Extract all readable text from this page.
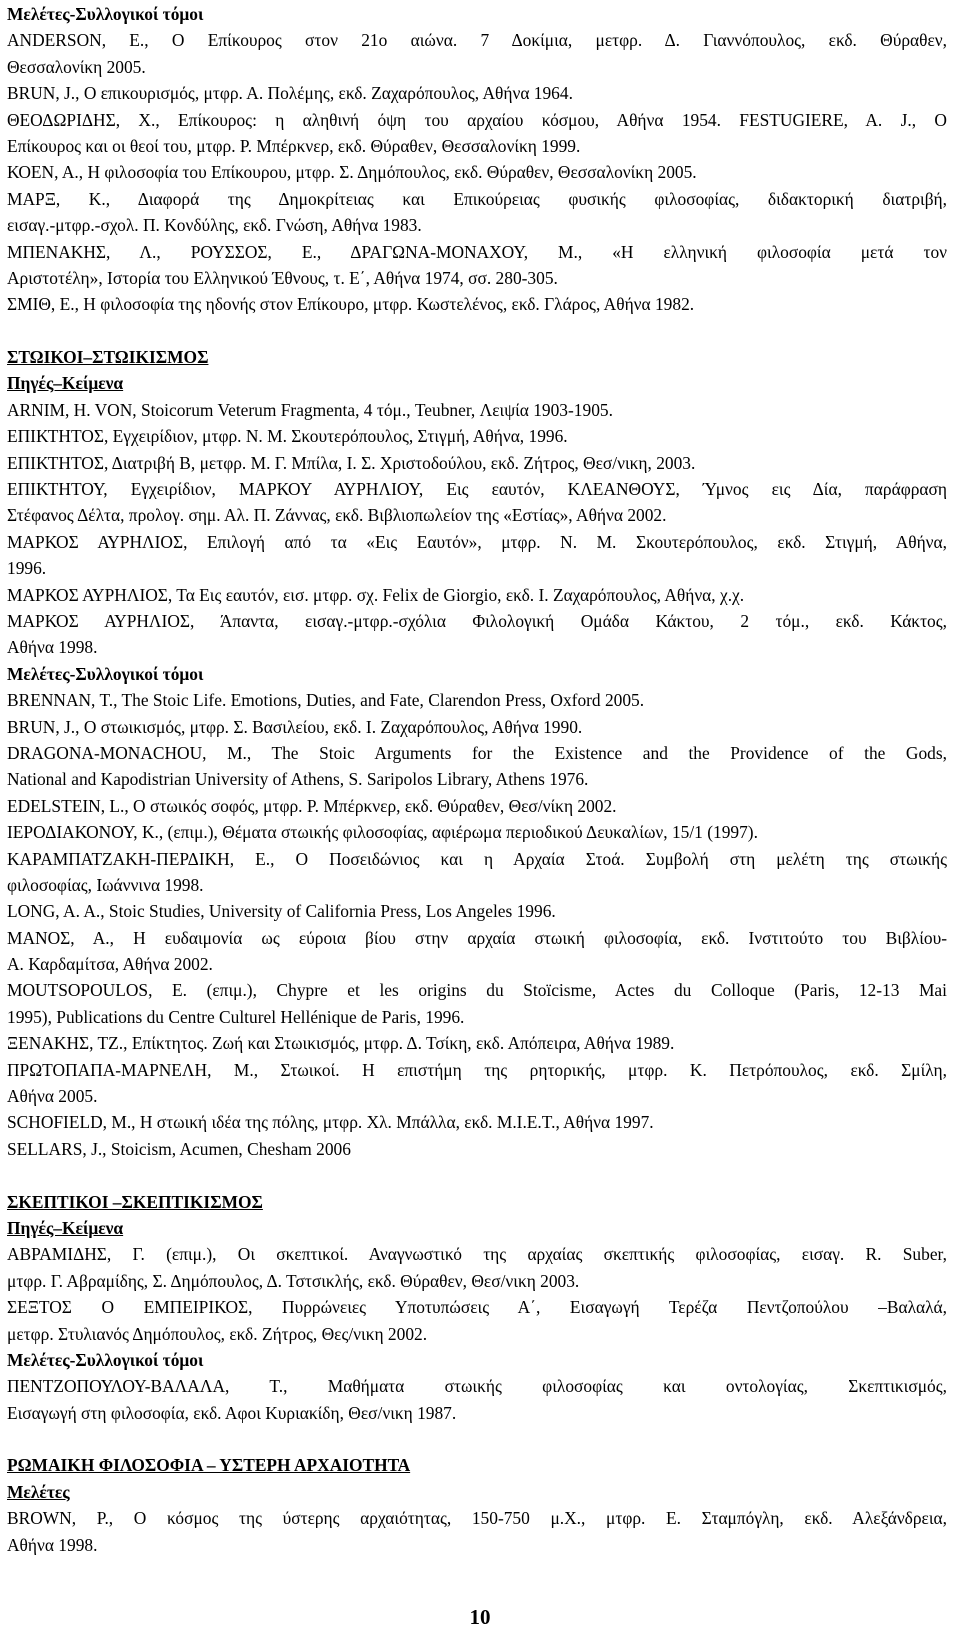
Μελέτες-Συλλογικοί τόμοι
ANDERSON, E., Ο Επίκουρος στον 21ο αιώνα. 7 Δοκίμια, μετφρ. Δ. Γιαννόπουλος, εκδ. Θύραθεν,
Θεσσαλονίκη 2005.
BRUN, J., Ο επικουρισμός, μτφρ. Α. Πολέμης, εκδ. Ζαχαρόπουλος, Αθήνα 1964.
ΘΕΟΔΩΡΙΔΗΣ, Χ., Επίκουρος: η αληθινή όψη του αρχαίου κόσμου, Αθήνα 1954. FESTUGIERE, A. J., Ο
Επίκουρος και οι θεοί του, μτφρ. Ρ. Μπέρκνερ, εκδ. Θύραθεν, Θεσσαλονίκη 1999.
ΚΟΕΝ, Α., Η φιλοσοφία του Επίκουρου, μτφρ. Σ. Δημόπουλος, εκδ. Θύραθεν, Θεσσαλονίκη 2005.
ΜΑΡΞ, Κ., Διαφορά της Δημοκρίτειας και Επικούρειας φυσικής φιλοσοφίας, διδακτορική διατριβή,
εισαγ.-μτφρ.-σχολ. Π. Κονδύλης, εκδ. Γνώση, Αθήνα 1983.
ΜΠΕΝΑΚΗΣ, Λ., ΡΟΥΣΣΟΣ, Ε., ΔΡΑΓΩΝΑ-ΜΟΝΑΧΟΥ, Μ., «Η ελληνική φιλοσοφία μετά τον
Αριστοτέλη», Ιστορία του Ελληνικού Έθνους, τ. Ε΄, Αθήνα 1974, σσ. 280-305.
ΣΜΙΘ, Ε., Η φιλοσοφία της ηδονής στον Επίκουρο, μτφρ. Κωστελένος, εκδ. Γλάρος, Αθήνα 1982.
ΣΤΩΙΚΟΙ–ΣΤΩΙΚΙΣΜΟΣ
Πηγές–Κείμενα
ARNIM, H. VON, Stoicorum Veterum Fragmenta, 4 τόμ., Teubner, Λειψία 1903-1905.
ΕΠΙΚΤΗΤΟΣ, Εγχειρίδιον, μτφρ. Ν. Μ. Σκουτερόπουλος, Στιγμή, Αθήνα, 1996.
ΕΠΙΚΤΗΤΟΣ, Διατριβή Β, μετφρ. Μ. Γ. Μπίλα, Ι. Σ. Χριστοδούλου, εκδ. Ζήτρος, Θεσ/νικη, 2003.
ΕΠΙΚΤΗΤΟΥ, Εγχειρίδιον, ΜΑΡΚΟΥ ΑΥΡΗΛΙΟΥ, Εις εαυτόν, ΚΛΕΑΝΘΟΥΣ, Ύμνος εις Δία, παράφραση
Στέφανος Δέλτα, προλογ. σημ. Αλ. Π. Ζάννας, εκδ. Βιβλιοπωλείον της «Εστίας», Αθήνα 2002.
ΜΑΡΚΟΣ ΑΥΡΗΛΙΟΣ, Επιλογή από τα «Εις Εαυτόν», μτφρ. Ν. Μ. Σκουτερόπουλος, εκδ. Στιγμή, Αθήνα,
1996.
ΜΑΡΚΟΣ ΑΥΡΗΛΙΟΣ, Τα Εις εαυτόν, εισ. μτφρ. σχ. Felix de Giorgio, εκδ. Ι. Ζαχαρόπουλος, Αθήνα, χ.χ.
ΜΑΡΚΟΣ ΑΥΡΗΛΙΟΣ, Άπαντα, εισαγ.-μτφρ.-σχόλια Φιλολογική Ομάδα Κάκτου, 2 τόμ., εκδ. Κάκτος,
Αθήνα 1998.
Μελέτες-Συλλογικοί τόμοι
BRENNAN, T., The Stoic Life. Emotions, Duties, and Fate, Clarendon Press, Oxford 2005.
BRUN, J., Ο στωικισμός, μτφρ. Σ. Βασιλείου, εκδ. Ι. Ζαχαρόπουλος, Αθήνα 1990.
DRAGONA-MONACHOU, M., The Stoic Arguments for the Existence and the Providence of the Gods,
National and Kapodistrian University of Athens, S. Saripolos Library, Athens 1976.
EDELSTEIN, L., Ο στωικός σοφός, μτφρ. Ρ. Μπέρκνερ, εκδ. Θύραθεν, Θεσ/νίκη 2002.
ΙΕΡΟΔΙΑΚΟΝΟΥ, Κ., (επιμ.), Θέματα στωικής φιλοσοφίας, αφιέρωμα περιοδικού Δευκαλίων, 15/1 (1997).
ΚΑΡΑΜΠΑΤΖΑΚΗ-ΠΕΡΔΙΚΗ, Ε., Ο Ποσειδώνιος και η Αρχαία Στοά. Συμβολή στη μελέτη της στωικής
φιλοσοφίας, Ιωάννινα 1998.
LONG, A. A., Stoic Studies, University of California Press, Los Angeles 1996.
ΜΑΝΟΣ, Α., Η ευδαιμονία ως εύροια βίου στην αρχαία στωική φιλοσοφία, εκδ. Ινστιτούτο του Βιβλίου-
Α. Καρδαμίτσα, Αθήνα 2002.
MOUTSOPOULOS, E. (επιμ.), Chypre et les origins du Stoïcisme, Actes du Colloque (Paris, 12-13 Mai
1995), Publications du Centre Culturel Hellénique de Paris, 1996.
ΞΕΝΑΚΗΣ, ΤΖ., Επίκτητος. Ζωή και Στωικισμός, μτφρ. Δ. Τσίκη, εκδ. Απόπειρα, Αθήνα 1989.
ΠΡΩΤΟΠΑΠΑ-ΜΑΡΝΕΛΗ, Μ., Στωικοί. Η επιστήμη της ρητορικής, μτφρ. Κ. Πετρόπουλος, εκδ. Σμίλη,
Αθήνα 2005.
SCHOFIELD, M., Η στωική ιδέα της πόλης, μτφρ. Χλ. Μπάλλα, εκδ. Μ.Ι.Ε.Τ., Αθήνα 1997.
SELLARS, J., Stoicism, Acumen, Chesham 2006
ΣΚΕΠΤΙΚΟΙ –ΣΚΕΠΤΙΚΙΣΜΟΣ
Πηγές–Κείμενα
ΑΒΡΑΜΙΔΗΣ, Γ. (επιμ.), Οι σκεπτικοί. Αναγνωστικό της αρχαίας σκεπτικής φιλοσοφίας, εισαγ. R. Suber,
μτφρ. Γ. Αβραμίδης, Σ. Δημόπουλος, Δ. Τστσικλής, εκδ. Θύραθεν, Θεσ/νικη 2003.
ΣΕΞΤΟΣ Ο ΕΜΠΕΙΡΙΚΟΣ, Πυρρώνειες Υποτυπώσεις Α΄, Εισαγωγή Τερέζα Πεντζοπούλου –Βαλαλά,
μετφρ. Στυλιανός Δημόπουλος, εκδ. Ζήτρος, Θες/νικη 2002.
Μελέτες-Συλλογικοί τόμοι
ΠΕΝΤΖΟΠΟΥΛΟΥ-ΒΑΛΑΛΑ, Τ., Μαθήματα στωικής φιλοσοφίας και οντολογίας, Σκεπτικισμός,
Εισαγωγή στη φιλοσοφία, εκδ. Αφοι Κυριακίδη, Θεσ/νικη 1987.
ΡΩΜΑΙΚΗ ΦΙΛΟΣΟΦΙΑ – ΥΣΤΕΡΗ ΑΡΧΑΙΟΤΗΤΑ
Μελέτες
BROWN, P., Ο κόσμος της ύστερης αρχαιότητας, 150-750 μ.Χ., μτφρ. Ε. Σταμπόγλη, εκδ. Αλεξάνδρεια,
Αθήνα 1998.
10
